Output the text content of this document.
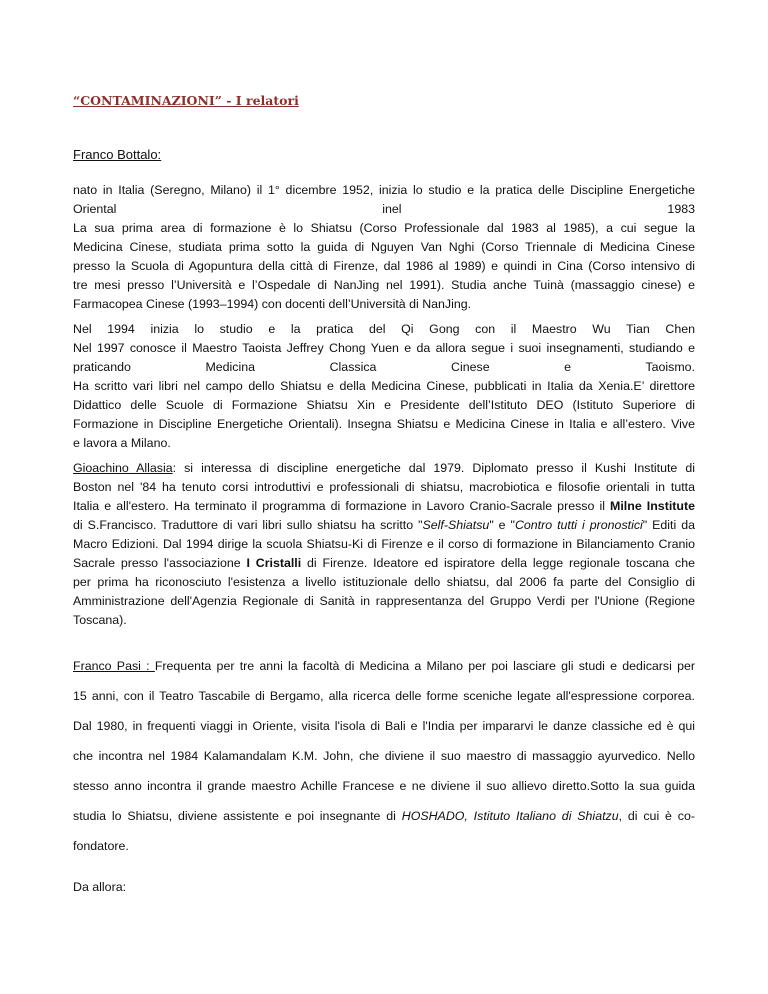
“CONTAMINAZIONI” - I relatori
Franco Bottalo:
nato in Italia (Seregno, Milano) il 1° dicembre 1952, inizia lo studio e la pratica delle Discipline Energetiche
Oriental inel 1983
La sua prima area di formazione è lo Shiatsu (Corso Professionale dal 1983 al 1985), a cui segue la
Medicina Cinese, studiata prima sotto la guida di Nguyen Van Nghi (Corso Triennale di Medicina Cinese
presso la Scuola di Agopuntura della città di Firenze, dal 1986 al 1989) e quindi in Cina (Corso intensivo di
tre mesi presso l’Università e l’Ospedale di NanJing nel 1991). Studia anche Tuinà (massaggio cinese) e
Farmacopea Cinese (1993–1994) con docenti dell’Università di NanJing.
Nel 1994 inizia lo studio e la pratica del Qi Gong con il Maestro Wu Tian Chen
Nel 1997 conosce il Maestro Taoista Jeffrey Chong Yuen e da allora segue i suoi insegnamenti, studiando e
praticando Medicina Classica Cinese e Taoismo.
Ha scritto vari libri nel campo dello Shiatsu e della Medicina Cinese, pubblicati in Italia da Xenia.E’ direttore
Didattico delle Scuole di Formazione Shiatsu Xin e Presidente dell’Istituto DEO (Istituto Superiore di
Formazione in Discipline Energetiche Orientali). Insegna Shiatsu e Medicina Cinese in Italia e all’estero. Vive
e lavora a Milano.
Gioachino Allasia: si interessa di discipline energetiche dal 1979. Diplomato presso il Kushi Institute di
Boston nel '84 ha tenuto corsi introduttivi e professionali di shiatsu, macrobiotica e filosofie orientali in tutta
Italia e all'estero. Ha terminato il programma di formazione in Lavoro Cranio-Sacrale presso il Milne Institute
di S.Francisco. Traduttore di vari libri sullo shiatsu ha scritto "Self-Shiatsu" e "Contro tutti i pronostici" Editi da
Macro Edizioni. Dal 1994 dirige la scuola Shiatsu-Ki di Firenze e il corso di formazione in Bilanciamento Cranio
Sacrale presso l'associazione I Cristalli di Firenze. Ideatore ed ispiratore della legge regionale toscana che
per prima ha riconosciuto l'esistenza a livello istituzionale dello shiatsu, dal 2006 fa parte del Consiglio di
Amministrazione dell'Agenzia Regionale di Sanità in rappresentanza del Gruppo Verdi per l'Unione (Regione
Toscana).
Franco Pasi : Frequenta per tre anni la facoltà di Medicina a Milano per poi lasciare gli studi e dedicarsi per
15 anni, con il Teatro Tascabile di Bergamo, alla ricerca delle forme sceniche legate all'espressione corporea.
Dal 1980, in frequenti viaggi in Oriente, visita l'isola di Bali e l'India per impararvi le danze classiche ed è qui
che incontra nel 1984 Kalamandalam K.M. John, che diviene il suo maestro di massaggio ayurvedico. Nello
stesso anno incontra il grande maestro Achille Francese e ne diviene il suo allievo diretto.Sotto la sua guida
studia lo Shiatsu, diviene assistente e poi insegnante di HOSHADO, Istituto Italiano di Shiatzu, di cui è co-
fondatore.
Da allora:
